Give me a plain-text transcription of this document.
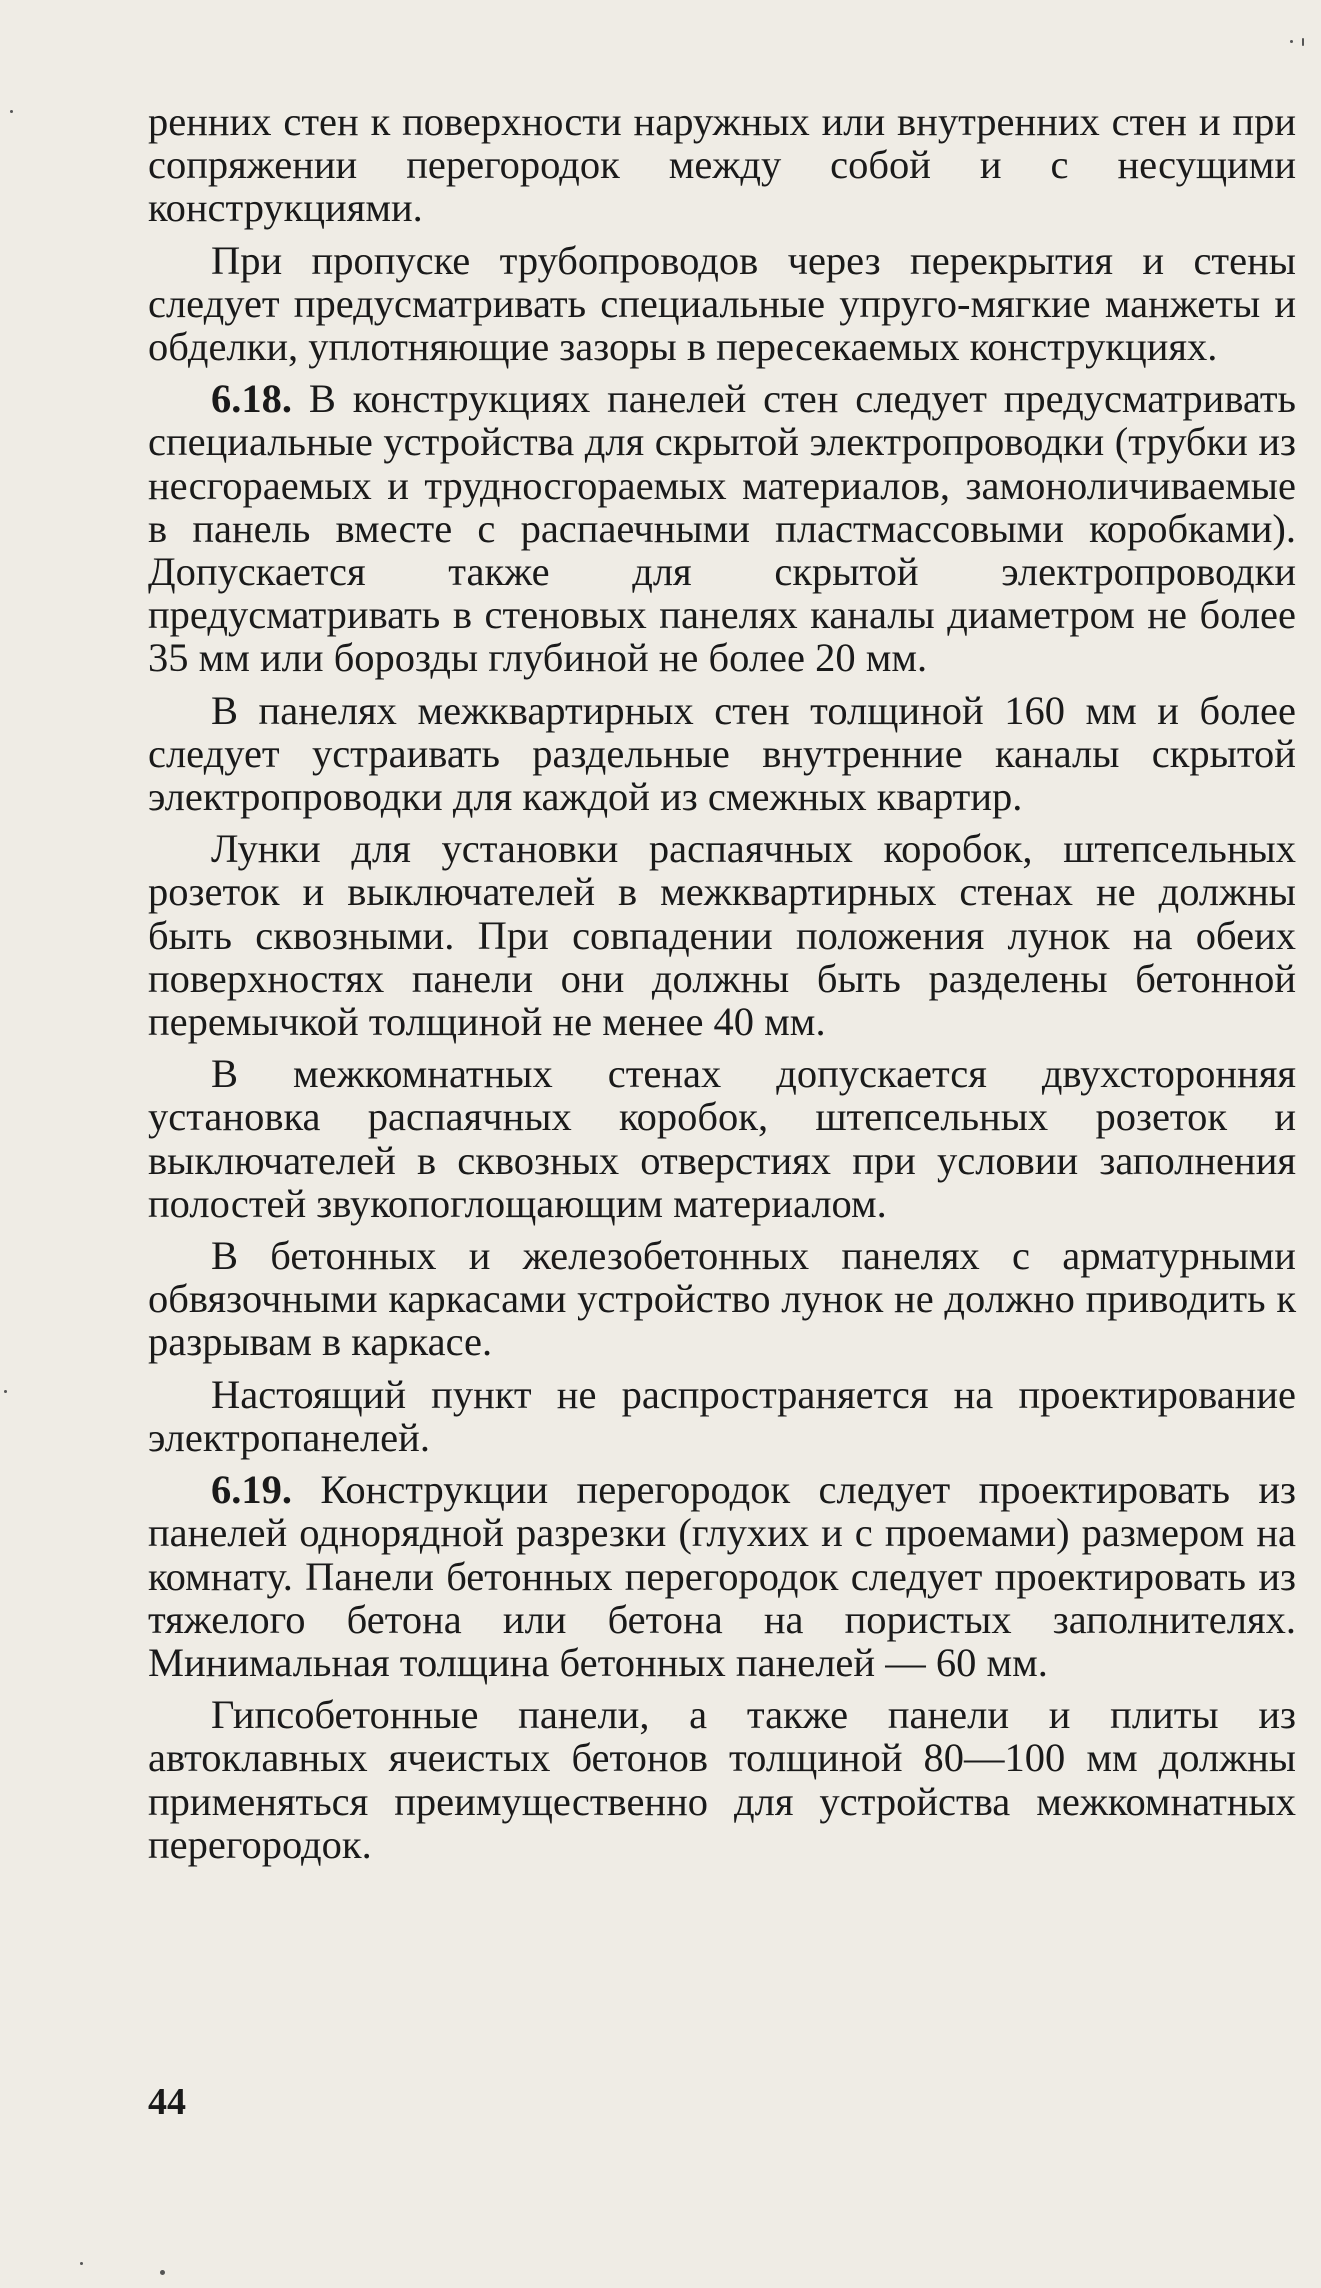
ренних стен к поверхности наружных или внутренних стен и при сопряжении перегородок между собой и с несущими конструкциями.

При пропуске трубопроводов через перекрытия и стены следует предусматривать специальные упруго-мягкие манжеты и обделки, уплотняющие зазоры в пересекаемых конструкциях.

6.18. В конструкциях панелей стен следует предусматривать специальные устройства для скрытой электропроводки (трубки из несгораемых и трудносгораемых материалов, замоноличиваемые в панель вместе с распаечными пластмассовыми коробками). Допускается также для скрытой электропроводки предусматривать в стеновых панелях каналы диаметром не более 35 мм или борозды глубиной не более 20 мм.

В панелях межквартирных стен толщиной 160 мм и более следует устраивать раздельные внутренние каналы скрытой электропроводки для каждой из смежных квартир.

Лунки для установки распаячных коробок, штепсельных розеток и выключателей в межквартирных стенах не должны быть сквозными. При совпадении положения лунок на обеих поверхностях панели они должны быть разделены бетонной перемычкой толщиной не менее 40 мм.

В межкомнатных стенах допускается двухсторонняя установка распаячных коробок, штепсельных розеток и выключателей в сквозных отверстиях при условии заполнения полостей звукопоглощающим материалом.

В бетонных и железобетонных панелях с арматурными обвязочными каркасами устройство лунок не должно приводить к разрывам в каркасе.

Настоящий пункт не распространяется на проектирование электропанелей.

6.19. Конструкции перегородок следует проектировать из панелей однорядной разрезки (глухих и с проемами) размером на комнату. Панели бетонных перегородок следует проектировать из тяжелого бетона или бетона на пористых заполнителях. Минимальная толщина бетонных панелей — 60 мм.

Гипсобетонные панели, а также панели и плиты из автоклавных ячеистых бетонов толщиной 80—100 мм должны применяться преимущественно для устройства межкомнатных перегородок.

44
